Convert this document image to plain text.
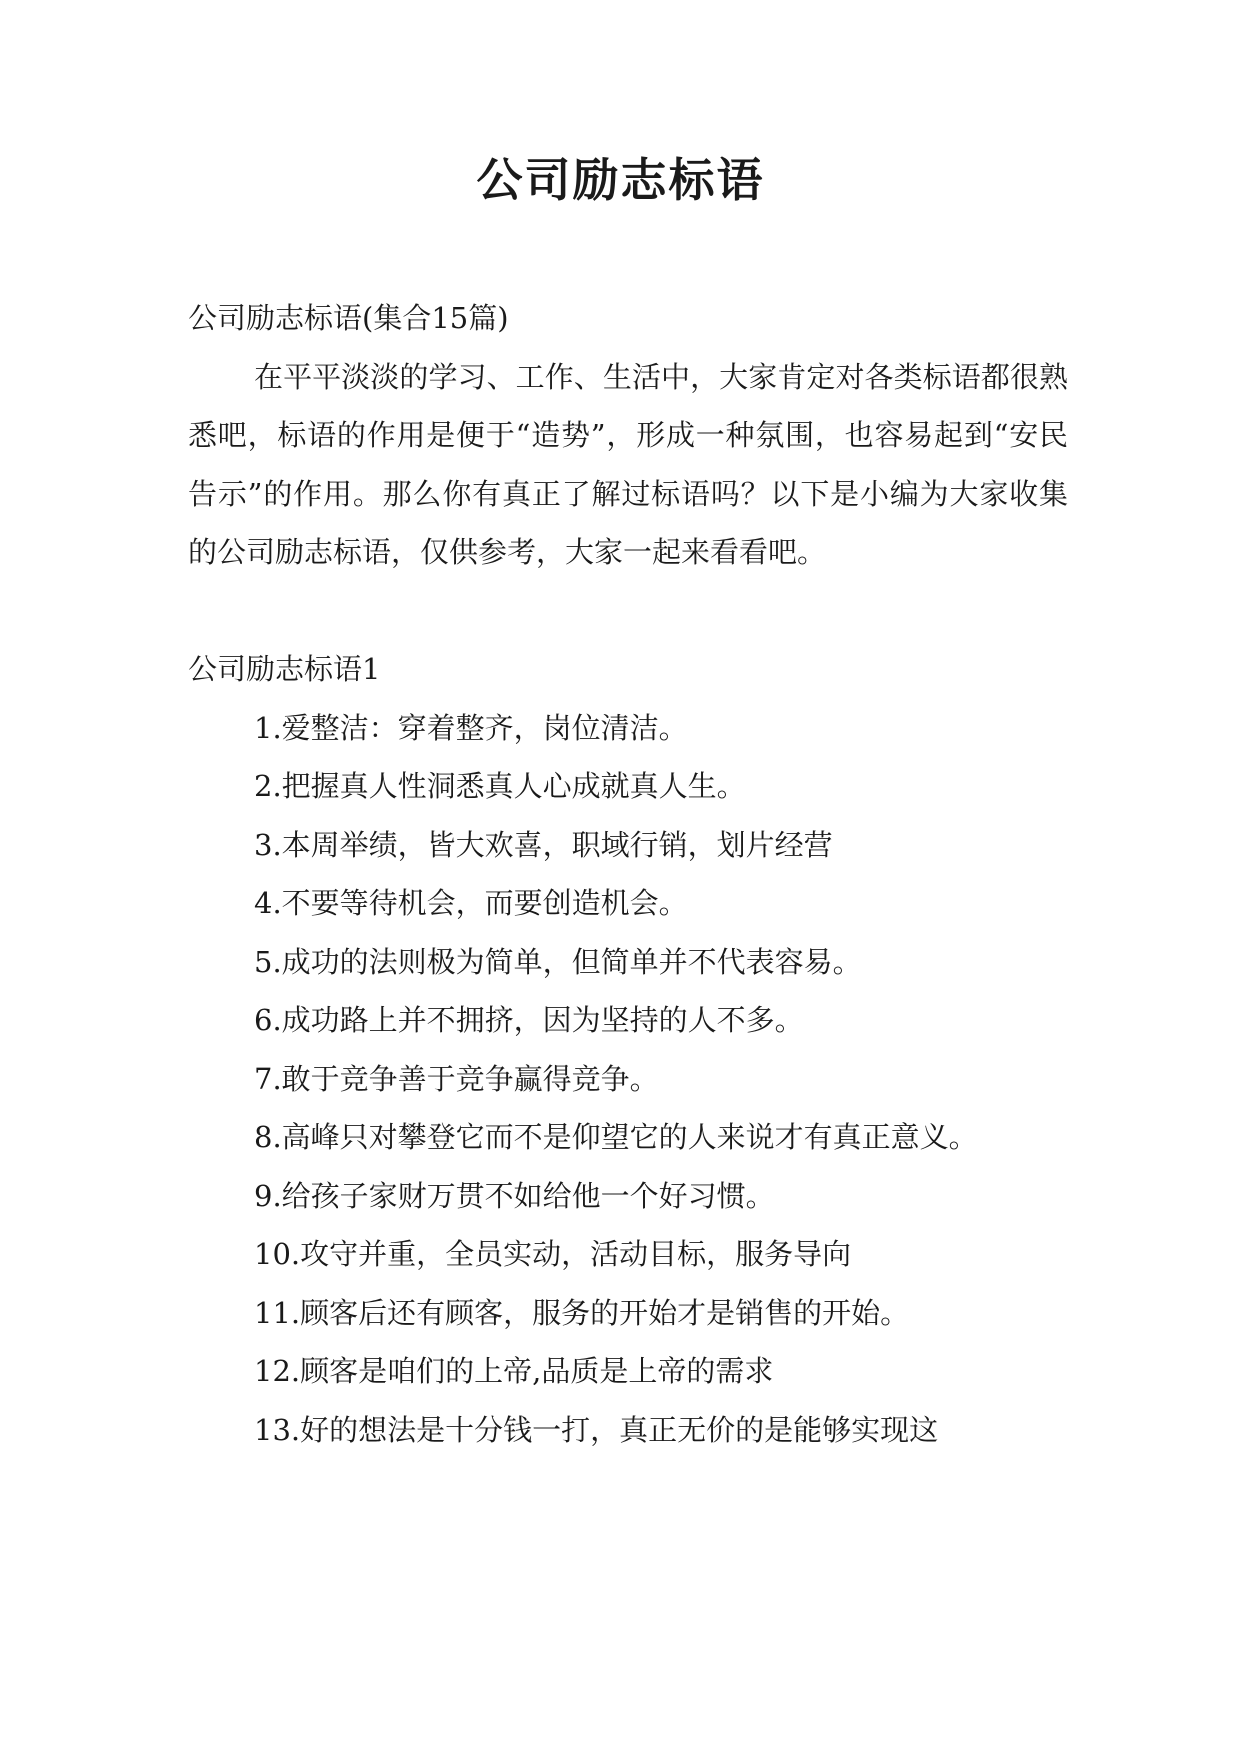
公司励志标语

公司励志标语(集合15篇)

在平平淡淡的学习、工作、生活中，大家肯定对各类标语都很熟悉吧，标语的作用是便于“造势”，形成一种氛围，也容易起到“安民告示”的作用。那么你有真正了解过标语吗？以下是小编为大家收集的公司励志标语，仅供参考，大家一起来看看吧。

公司励志标语1

1.爱整洁：穿着整齐，岗位清洁。
2.把握真人性洞悉真人心成就真人生。
3.本周举绩，皆大欢喜，职域行销，划片经营
4.不要等待机会，而要创造机会。
5.成功的法则极为简单，但简单并不代表容易。
6.成功路上并不拥挤，因为坚持的人不多。
7.敢于竞争善于竞争赢得竞争。
8.高峰只对攀登它而不是仰望它的人来说才有真正意义。
9.给孩子家财万贯不如给他一个好习惯。
10.攻守并重，全员实动，活动目标，服务导向
11.顾客后还有顾客，服务的开始才是销售的开始。
12.顾客是咱们的上帝,品质是上帝的需求
13.好的想法是十分钱一打，真正无价的是能够实现这
